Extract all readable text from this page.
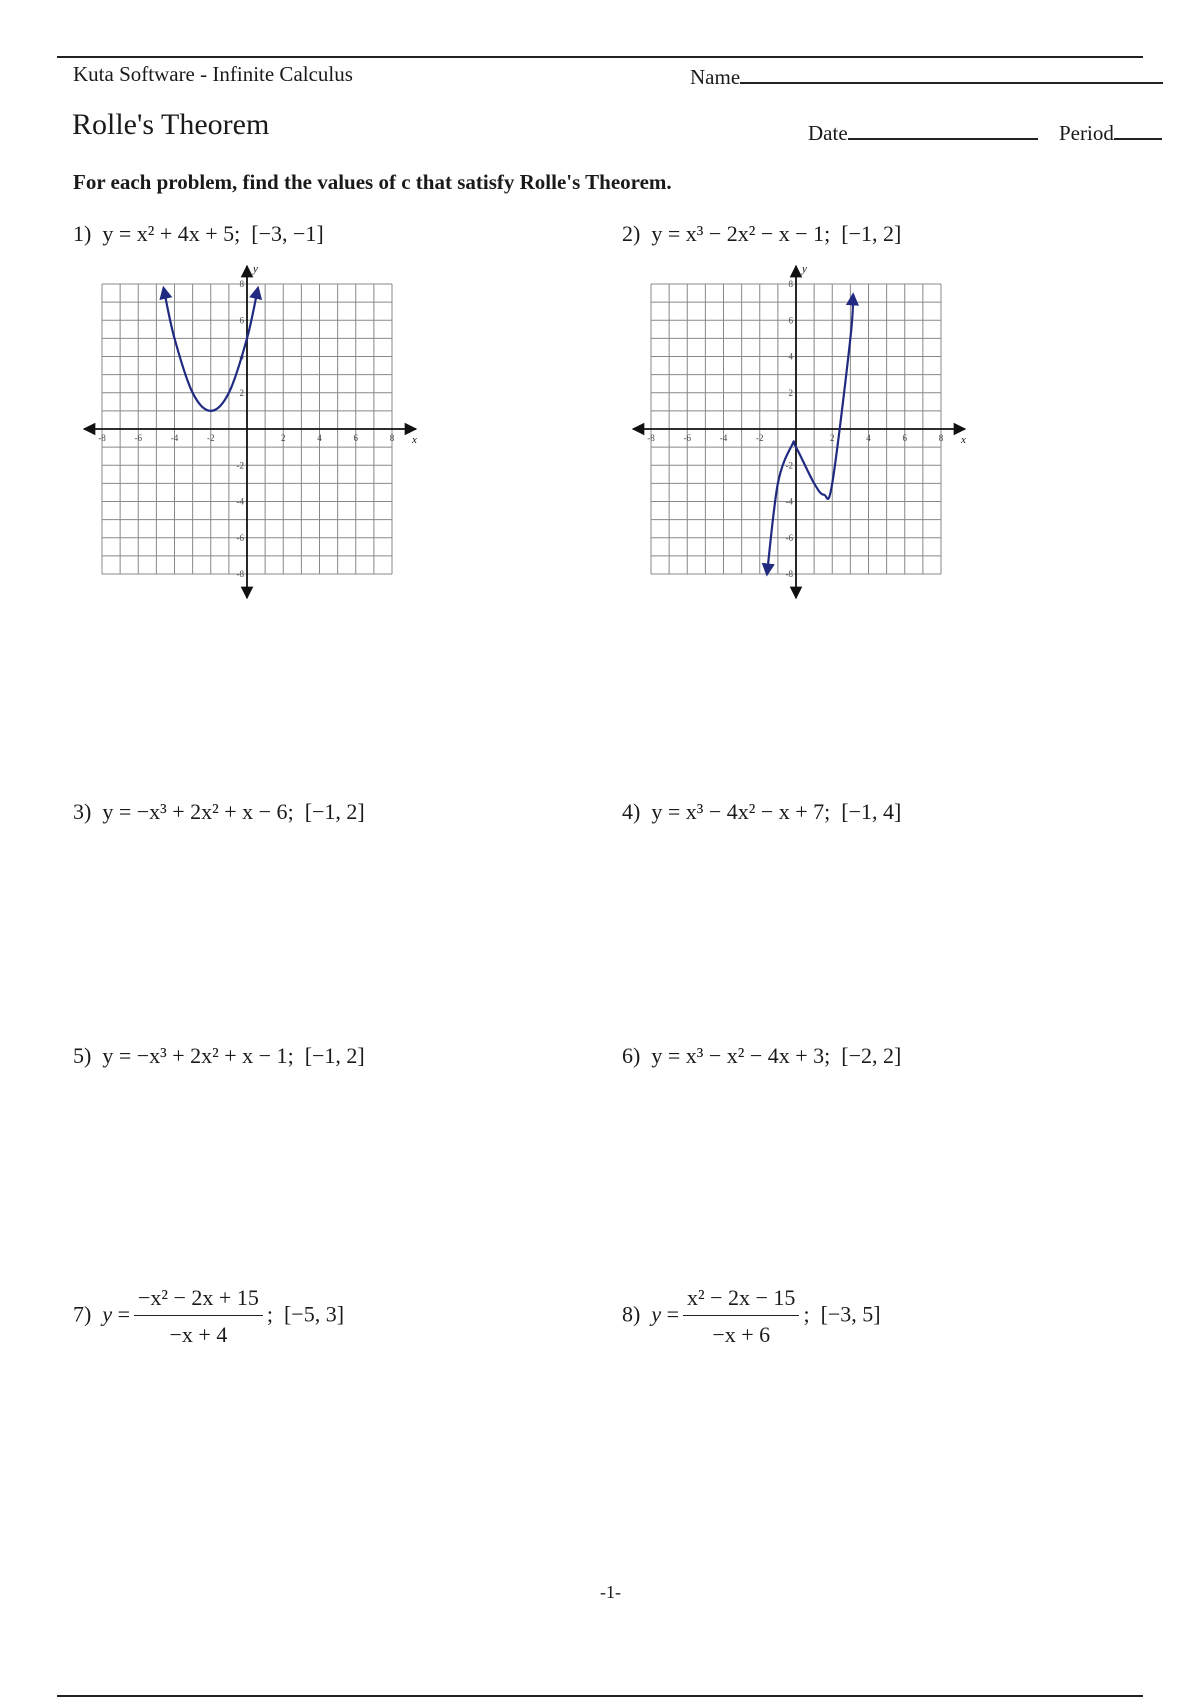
Kuta Software - Infinite Calculus	Name
Rolle's Theorem	Date	Period
For each problem, find the values of c that satisfy Rolle's Theorem.
1) y = x² + 4x + 5;  [−3, −1]	2) y = x³ − 2x² − x − 1;  [−1, 2]
x
y
-8	-6	-4	-2	2	4	6	8
-8
-6
-4
-2
2
4
6
8
x
y
-8	-6	-4	-2	2	4	6	8
-8
-6
-4
-2
2
4
6
8
3) y = −x³ + 2x² + x − 6;  [−1, 2]	4) y = x³ − 4x² − x + 7;  [−1, 4]
5) y = −x³ + 2x² + x − 1;  [−1, 2]	6) y = x³ − x² − 4x + 3;  [−2, 2]
7) $y = \frac{\text{−x² − 2x + 15}}{-x + 4}$ ;  [−5, 3]	8) $y = \frac{\text{x² − 2x − 15}}{-x + 6}$ ;  [−3, 5]
-1-
